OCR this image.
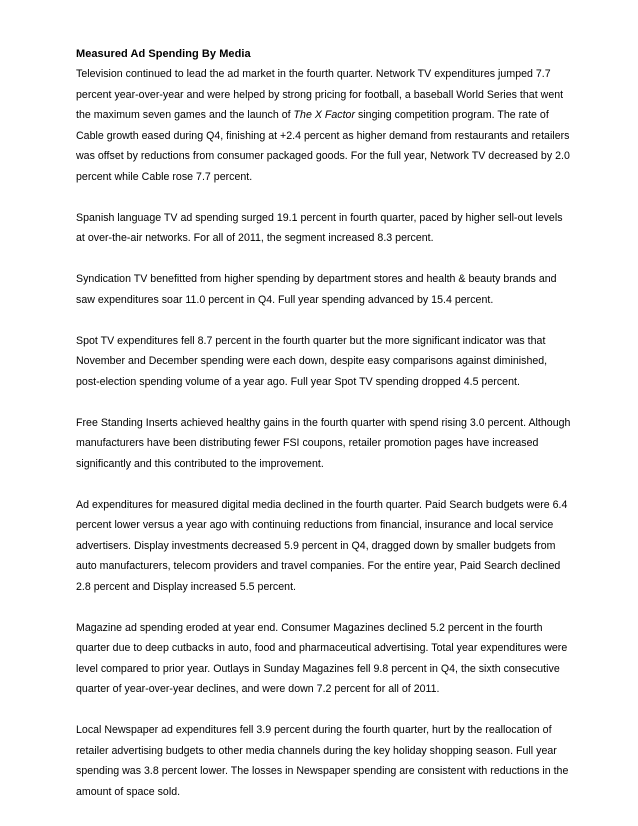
Measured Ad Spending By Media

Television continued to lead the ad market in the fourth quarter. Network TV expenditures jumped 7.7 percent year-over-year and were helped by strong pricing for football, a baseball World Series that went the maximum seven games and the launch of The X Factor singing competition program. The rate of Cable growth eased during Q4, finishing at +2.4 percent as higher demand from restaurants and retailers was offset by reductions from consumer packaged goods. For the full year, Network TV decreased by 2.0 percent while Cable rose 7.7 percent.

Spanish language TV ad spending surged 19.1 percent in fourth quarter, paced by higher sell-out levels at over-the-air networks. For all of 2011, the segment increased 8.3 percent.

Syndication TV benefitted from higher spending by department stores and health & beauty brands and saw expenditures soar 11.0 percent in Q4. Full year spending advanced by 15.4 percent.

Spot TV expenditures fell 8.7 percent in the fourth quarter but the more significant indicator was that November and December spending were each down, despite easy comparisons against diminished, post-election spending volume of a year ago. Full year Spot TV spending dropped 4.5 percent.

Free Standing Inserts achieved healthy gains in the fourth quarter with spend rising 3.0 percent. Although manufacturers have been distributing fewer FSI coupons, retailer promotion pages have increased significantly and this contributed to the improvement.

Ad expenditures for measured digital media declined in the fourth quarter. Paid Search budgets were 6.4 percent lower versus a year ago with continuing reductions from financial, insurance and local service advertisers. Display investments decreased 5.9 percent in Q4, dragged down by smaller budgets from auto manufacturers, telecom providers and travel companies. For the entire year, Paid Search declined 2.8 percent and Display increased 5.5 percent.

Magazine ad spending eroded at year end. Consumer Magazines declined 5.2 percent in the fourth quarter due to deep cutbacks in auto, food and pharmaceutical advertising. Total year expenditures were level compared to prior year. Outlays in Sunday Magazines fell 9.8 percent in Q4, the sixth consecutive quarter of year-over-year declines, and were down 7.2 percent for all of 2011.

Local Newspaper ad expenditures fell 3.9 percent during the fourth quarter, hurt by the reallocation of retailer advertising budgets to other media channels during the key holiday shopping season. Full year spending was 3.8 percent lower. The losses in Newspaper spending are consistent with reductions in the amount of space sold.
